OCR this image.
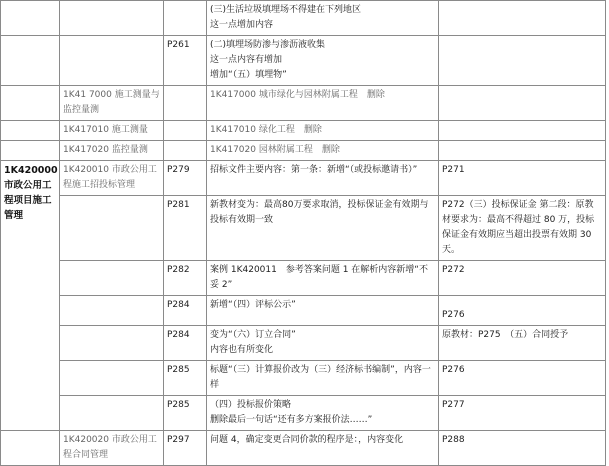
			(三)生活垃圾填埋场不得建在下列地区
这一点增加内容	

		P261	(二)填埋场防渗与渗沥液收集
这一点内容有增加
增加“（五）填埋物”	

	1K41 7000 施工测量与监控量测		1K417000 城市绿化与园林附属工程　删除	

	1K417010 施工测量		1K417010 绿化工程　删除	

	1K417020 监控量测		1K417020 园林附属工程　删除	

1K420000 市政公用工程项目施工管理	1K420010 市政公用工程施工招投标管理	P279	招标文件主要内容：第一条：新增“（或投标邀请书）”	P271
		P281	新教材变为：最高80万要求取消，投标保证金有效期与投标有效期一致	P272（三）投标保证金 第二段：原教材要求为：最高不得超过 80 万，投标保证金有效期应当超出投票有效期 30 天。
		P282	案例 1K420011　参考答案问题 1 在解析内容新增“不妥 2”	P272
		P284	新增“（四）评标公示”	P276
		P284	变为“（六）订立合同”
内容也有所变化	原教材：P275　（五）合同授予
		P285	标题“（三）计算报价改为（三）经济标书编制”，内容一样	P276
		P285	（四）投标报价策略
删除最后一句话“还有多方案报价法……”	P277
	1K420020 市政公用工程合同管理	P297	问题 4，确定变更合同价款的程序是：，内容变化	P288
